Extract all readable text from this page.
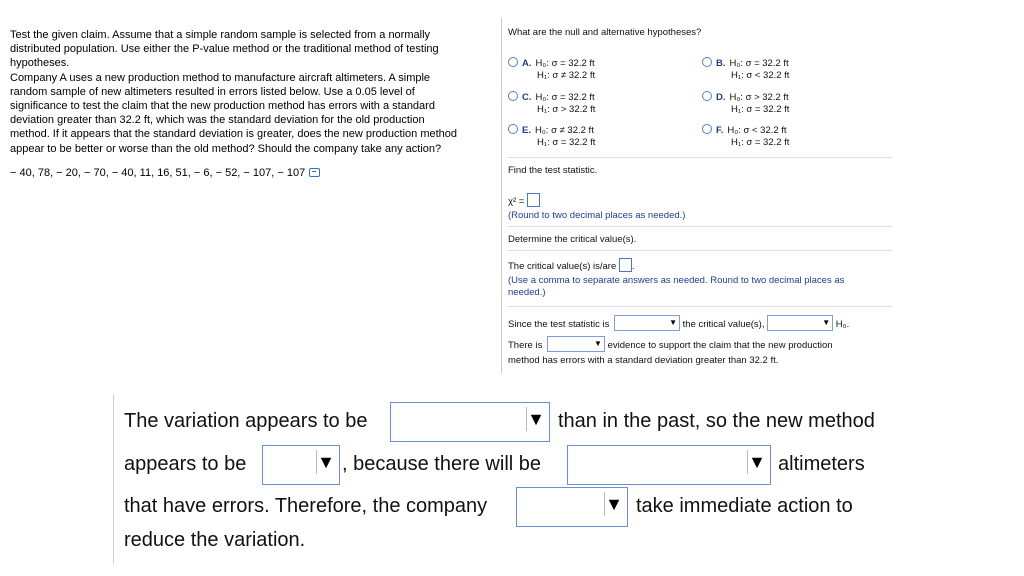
Test the given claim. Assume that a simple random sample is selected from a normally

distributed population. Use either the P-value method or the traditional method of testing

hypotheses.

Company A uses a new production method to manufacture aircraft altimeters. A simple

random sample of new altimeters resulted in errors listed below. Use a 0.05 level of

significance to test the claim that the new production method has errors with a standard

deviation greater than 32.2 ft, which was the standard deviation for the old production

method. If it appears that the standard deviation is greater, does the new production method

appear to be better or worse than the old method? Should the company take any action?

− 40, 78, − 20, − 70, − 40, 11, 16, 51, − 6, − 52, − 107, − 107
What are the null and alternative hypotheses?
A. H₀: σ = 32.2 ft
H₁: σ ≠ 32.2 ft
C. H₀: σ = 32.2 ft
H₁: σ > 32.2 ft
E. H₀: σ ≠ 32.2 ft
H₁: σ = 32.2 ft
B. H₀: σ = 32.2 ft
H₁: σ < 32.2 ft
D. H₀: σ > 32.2 ft
H₁: σ = 32.2 ft
F. H₀: σ < 32.2 ft
H₁: σ = 32.2 ft
Find the test statistic.
χ² =
(Round to two decimal places as needed.)
Determine the critical value(s).
The critical value(s) is/are .
(Use a comma to separate answers as needed. Round to two decimal places as
needed.)
Since the test statistic is	▼ the critical value(s),	▼ H₀.
There is	▼ evidence to support the claim that the new production
method has errors with a standard deviation greater than 32.2 ft.
The variation appears to be	▼ than in the past, so the new method
appears to be	▼ , because there will be	▼ altimeters
that have errors. Therefore, the company	▼ take immediate action to
reduce the variation.
